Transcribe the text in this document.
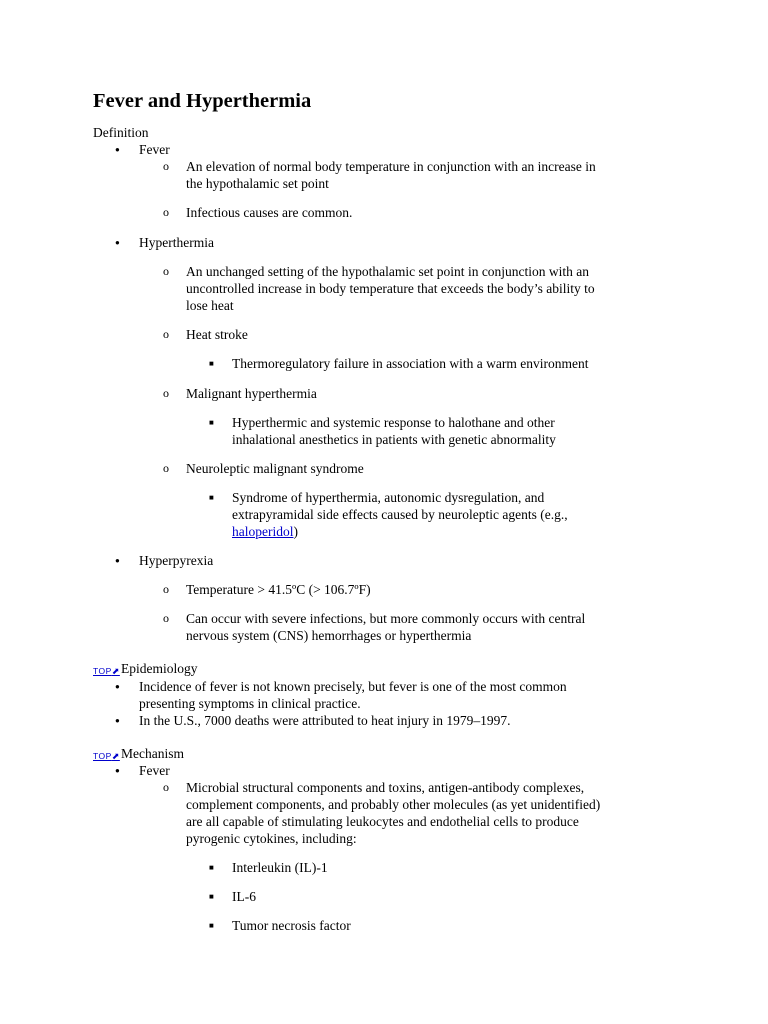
Fever and Hyperthermia
Definition
● Fever
o An elevation of normal body temperature in conjunction with an increase in
the hypothalamic set point
o Infectious causes are common.
● Hyperthermia
o An unchanged setting of the hypothalamic set point in conjunction with an
uncontrolled increase in body temperature that exceeds the body’s ability to
lose heat
o Heat stroke
■ Thermoregulatory failure in association with a warm environment
o Malignant hyperthermia
■ Hyperthermic and systemic response to halothane and other
inhalational anesthetics in patients with genetic abnormality
o Neuroleptic malignant syndrome
■ Syndrome of hyperthermia, autonomic dysregulation, and
extrapyramidal side effects caused by neuroleptic agents (e.g.,
haloperidol)
● Hyperpyrexia
o Temperature > 41.5ºC (> 106.7ºF)
o Can occur with severe infections, but more commonly occurs with central
nervous system (CNS) hemorrhages or hyperthermia
TOP⬈ Epidemiology
● Incidence of fever is not known precisely, but fever is one of the most common
presenting symptoms in clinical practice.
● In the U.S., 7000 deaths were attributed to heat injury in 1979–1997.
TOP⬈ Mechanism
● Fever
o Microbial structural components and toxins, antigen-antibody complexes,
complement components, and probably other molecules (as yet unidentified)
are all capable of stimulating leukocytes and endothelial cells to produce
pyrogenic cytokines, including:
■ Interleukin (IL)-1
■ IL-6
■ Tumor necrosis factor
